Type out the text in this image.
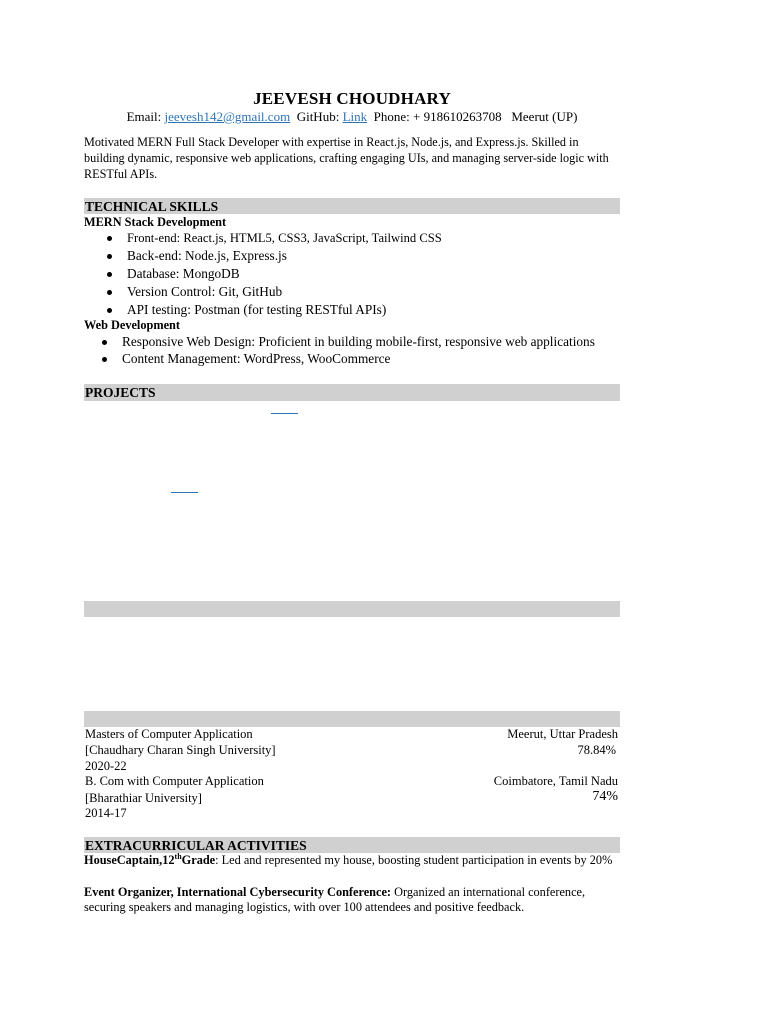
JEEVESH CHOUDHARY
Email: jeevesh142@gmail.com GitHub: Link Phone: + 918610263708 Meerut (UP)
Motivated MERN Full Stack Developer with expertise in React.js, Node.js, and Express.js. Skilled in building dynamic, responsive web applications, crafting engaging UIs, and managing server-side logic with RESTful APIs.
TECHNICAL SKILLS
MERN Stack Development
Front-end: React.js, HTML5, CSS3, JavaScript, Tailwind CSS
Back-end: Node.js, Express.js
Database: MongoDB
Version Control: Git, GitHub
API testing: Postman (for testing RESTful APIs)
Web Development
Responsive Web Design: Proficient in building mobile-first, responsive web applications
Content Management: WordPress, WooCommerce
PROJECTS
Masters of Computer Application	Meerut, Uttar Pradesh
[Chaudhary Charan Singh University]	78.84%
2020-22
B. Com with Computer Application	Coimbatore, Tamil Nadu
[Bharathiar University]	74%
2014-17
EXTRACURRICULAR ACTIVITIES
HouseCaptain,12thGrade: Led and represented my house, boosting student participation in events by 20%
Event Organizer, International Cybersecurity Conference: Organized an international conference, securing speakers and managing logistics, with over 100 attendees and positive feedback.
